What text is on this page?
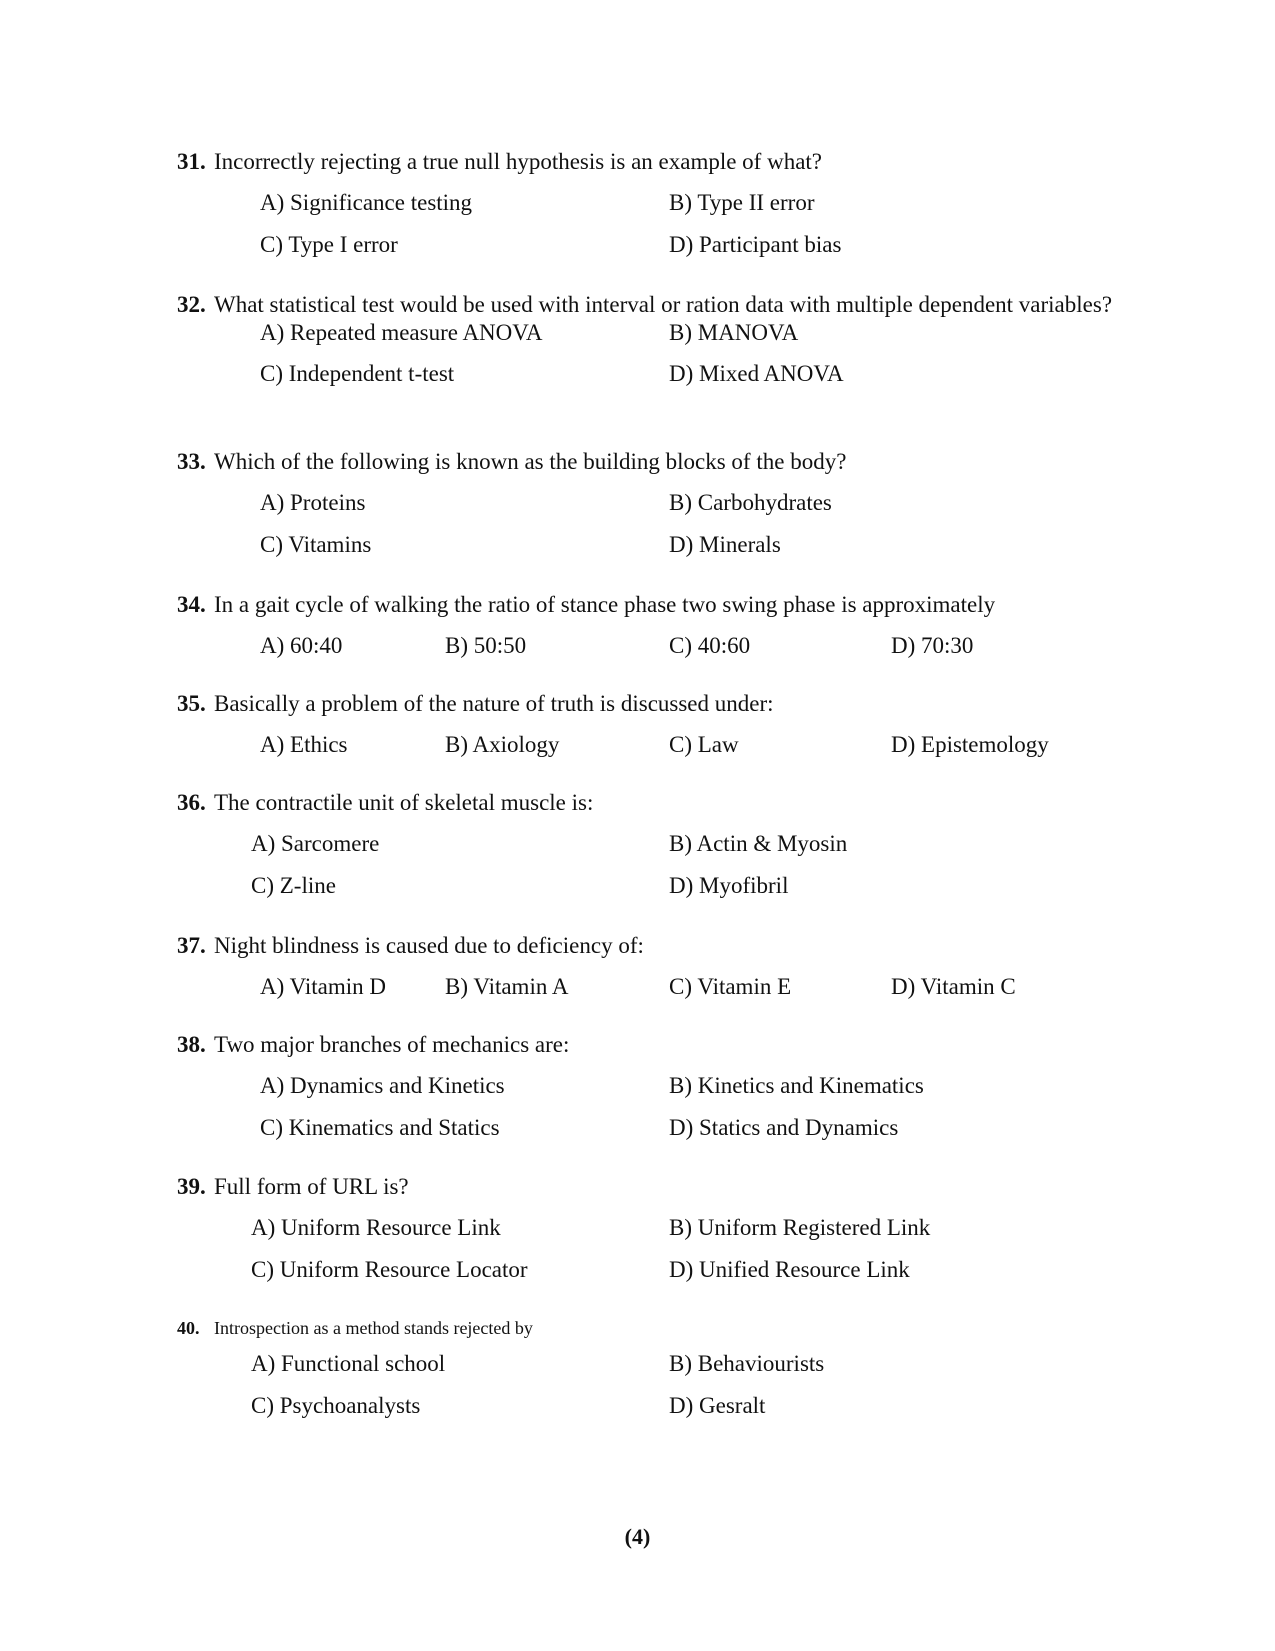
31. Incorrectly rejecting a true null hypothesis is an example of what?
A) Significance testing	B) Type II error
C) Type I error	D) Participant bias
32. What statistical test would be used with interval or ration data with multiple dependent variables?
A) Repeated measure ANOVA	B) MANOVA
C) Independent t-test	D) Mixed ANOVA
33. Which of the following is known as the building blocks of the body?
A) Proteins	B) Carbohydrates
C) Vitamins	D) Minerals
34. In a gait cycle of walking the ratio of stance phase two swing phase is approximately
A) 60:40	B) 50:50	C) 40:60	D) 70:30
35. Basically a problem of the nature of truth is discussed under:
A) Ethics	B) Axiology	C) Law	D) Epistemology
36. The contractile unit of skeletal muscle is:
A) Sarcomere	B) Actin & Myosin
C) Z-line	D) Myofibril
37. Night blindness is caused due to deficiency of:
A) Vitamin D	B) Vitamin A	C) Vitamin E	D) Vitamin C
38. Two major branches of mechanics are:
A) Dynamics and Kinetics	B) Kinetics and Kinematics
C) Kinematics and Statics	D) Statics and Dynamics
39. Full form of URL is?
A) Uniform Resource Link	B) Uniform Registered Link
C) Uniform Resource Locator	D) Unified Resource Link
40. Introspection as a method stands rejected by
A) Functional school	B) Behaviourists
C) Psychoanalysts	D) Gesralt
(4)
